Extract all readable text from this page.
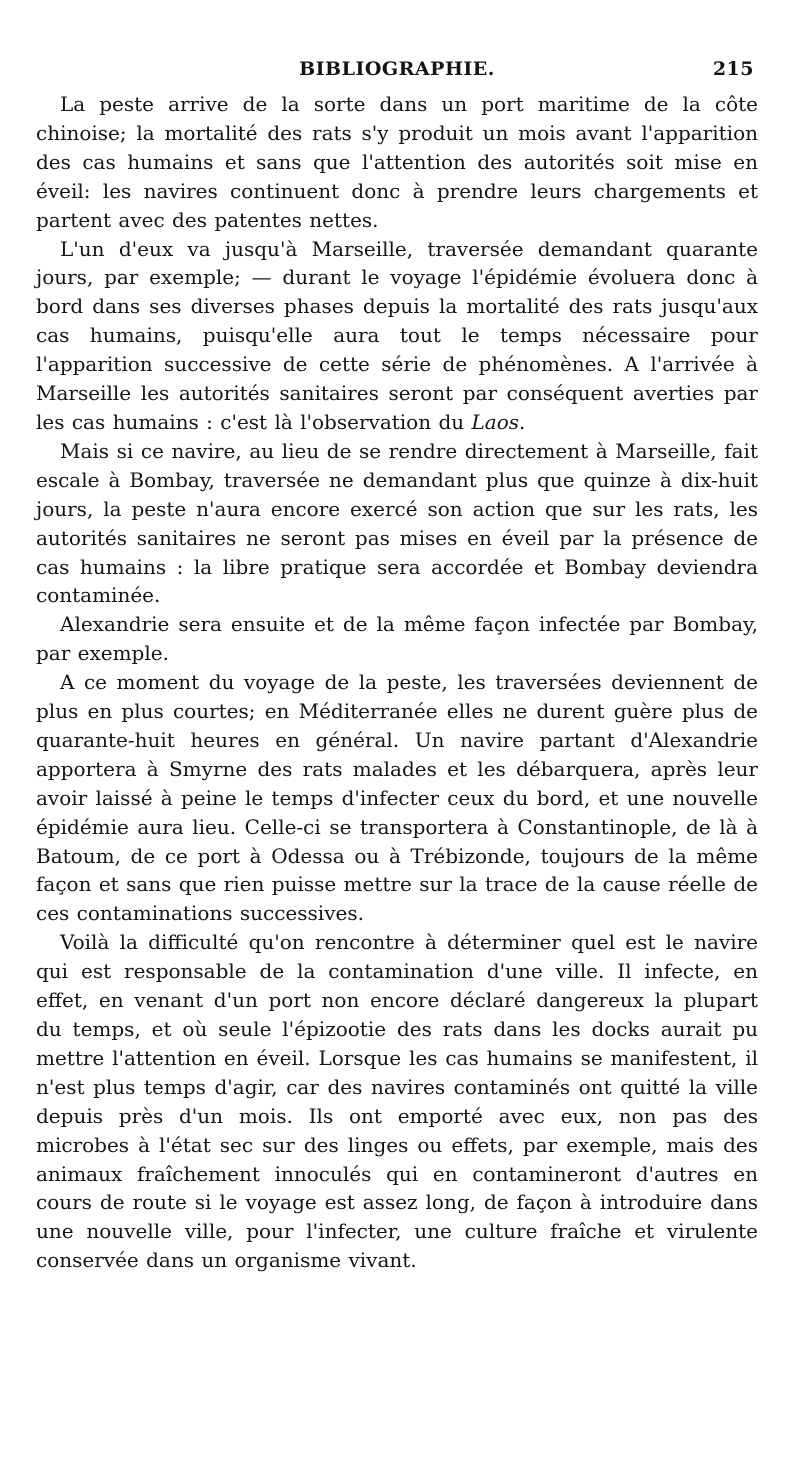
BIBLIOGRAPHIE.	215

La peste arrive de la sorte dans un port maritime de la côte chinoise; la mortalité des rats s'y produit un mois avant l'apparition des cas humains et sans que l'attention des autorités soit mise en éveil: les navires continuent donc à prendre leurs chargements et partent avec des patentes nettes.

L'un d'eux va jusqu'à Marseille, traversée demandant quarante jours, par exemple; — durant le voyage l'épidémie évoluera donc à bord dans ses diverses phases depuis la mortalité des rats jusqu'aux cas humains, puisqu'elle aura tout le temps nécessaire pour l'apparition successive de cette série de phénomènes. A l'arrivée à Marseille les autorités sanitaires seront par conséquent averties par les cas humains : c'est là l'observation du Laos.

Mais si ce navire, au lieu de se rendre directement à Marseille, fait escale à Bombay, traversée ne demandant plus que quinze à dix-huit jours, la peste n'aura encore exercé son action que sur les rats, les autorités sanitaires ne seront pas mises en éveil par la présence de cas humains : la libre pratique sera accordée et Bombay deviendra contaminée.

Alexandrie sera ensuite et de la même façon infectée par Bombay, par exemple.

A ce moment du voyage de la peste, les traversées deviennent de plus en plus courtes; en Méditerranée elles ne durent guère plus de quarante-huit heures en général. Un navire partant d'Alexandrie apportera à Smyrne des rats malades et les débarquera, après leur avoir laissé à peine le temps d'infecter ceux du bord, et une nouvelle épidémie aura lieu. Celle-ci se transportera à Constantinople, de là à Batoum, de ce port à Odessa ou à Trébizonde, toujours de la même façon et sans que rien puisse mettre sur la trace de la cause réelle de ces contaminations successives.

Voilà la difficulté qu'on rencontre à déterminer quel est le navire qui est responsable de la contamination d'une ville. Il infecte, en effet, en venant d'un port non encore déclaré dangereux la plupart du temps, et où seule l'épizootie des rats dans les docks aurait pu mettre l'attention en éveil. Lorsque les cas humains se manifestent, il n'est plus temps d'agir, car des navires contaminés ont quitté la ville depuis près d'un mois. Ils ont emporté avec eux, non pas des microbes à l'état sec sur des linges ou effets, par exemple, mais des animaux fraîchement innoculés qui en contamineront d'autres en cours de route si le voyage est assez long, de façon à introduire dans une nouvelle ville, pour l'infecter, une culture fraîche et virulente conservée dans un organisme vivant.
